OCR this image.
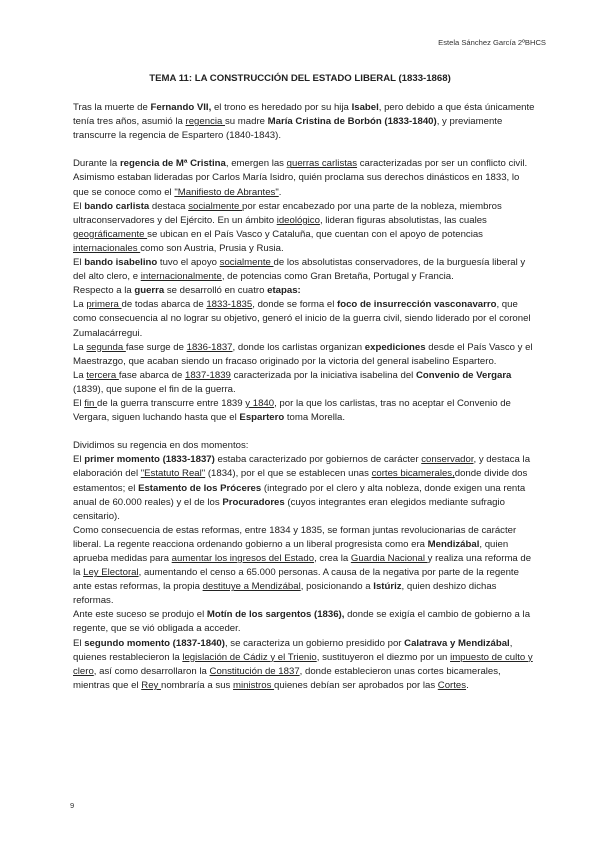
Estela Sánchez García 2ºBHCS
TEMA 11: LA CONSTRUCCIÓN DEL ESTADO LIBERAL (1833-1868)

Tras la muerte de Fernando VII, el trono es heredado por su hija Isabel, pero debido a que ésta únicamente tenía tres años, asumió la regencia su madre María Cristina de Borbón (1833-1840), y previamente transcurre la regencia de Espartero (1840-1843).

Durante la regencia de Mª Cristina, emergen las guerras carlistas caracterizadas por ser un conflicto civil. Asimismo estaban lideradas por Carlos María Isidro, quién proclama sus derechos dinásticos en 1833, lo que se conoce como el "Manifiesto de Abrantes".

El bando carlista destaca socialmente por estar encabezado por una parte de la nobleza, miembros ultraconservadores y del Ejército. En un ámbito ideológico, lideran figuras absolutistas, las cuales geográficamente se ubican en el País Vasco y Cataluña, que cuentan con el apoyo de potencias internacionales como son Austria, Prusia y Rusia.

El bando isabelino tuvo el apoyo socialmente de los absolutistas conservadores, de la burguesía liberal y del alto clero, e internacionalmente, de potencias como Gran Bretaña, Portugal y Francia.

Respecto a la guerra se desarrolló en cuatro etapas:

La primera de todas abarca de 1833-1835, donde se forma el foco de insurrección vasconavarro, que como consecuencia al no lograr su objetivo, generó el inicio de la guerra civil, siendo liderado por el coronel Zumalacárregui.

La segunda fase surge de 1836-1837, donde los carlistas organizan expediciones desde el País Vasco y el Maestrazgo, que acaban siendo un fracaso originado por la victoria del general isabelino Espartero.

La tercera fase abarca de 1837-1839 caracterizada por la iniciativa isabelina del Convenio de Vergara (1839), que supone el fin de la guerra.

El fin de la guerra transcurre entre 1839 y 1840, por la que los carlistas, tras no aceptar el Convenio de Vergara, siguen luchando hasta que el Espartero toma Morella.

Dividimos su regencia en dos momentos:

El primer momento (1833-1837) estaba caracterizado por gobiernos de carácter conservador, y destaca la elaboración del "Estatuto Real" (1834), por el que se establecen unas cortes bicamerales,donde divide dos estamentos; el Estamento de los Próceres (integrado por el clero y alta nobleza, donde exigen una renta anual de 60.000 reales) y el de los Procuradores (cuyos integrantes eran elegidos mediante sufragio censitario).

Como consecuencia de estas reformas, entre 1834 y 1835, se forman juntas revolucionarias de carácter liberal. La regente reacciona ordenando gobierno a un liberal progresista como era Mendizábal, quien aprueba medidas para aumentar los ingresos del Estado, crea la Guardia Nacional y realiza una reforma de la Ley Electoral, aumentando el censo a 65.000 personas. A causa de la negativa por parte de la regente ante estas reformas, la propia destituye a Mendizábal, posicionando a Istúriz, quien deshizo dichas reformas.

Ante este suceso se produjo el Motín de los sargentos (1836), donde se exigía el cambio de gobierno a la regente, que se vió obligada a acceder.

El segundo momento (1837-1840), se caracteriza un gobierno presidido por Calatrava y Mendizábal, quienes restablecieron la legislación de Cádiz y el Trienio, sustituyeron el diezmo por un impuesto de culto y clero, así como desarrollaron la Constitución de 1837, donde establecieron unas cortes bicamerales, mientras que el Rey nombraría a sus ministros quienes debían ser aprobados por las Cortes.

9
